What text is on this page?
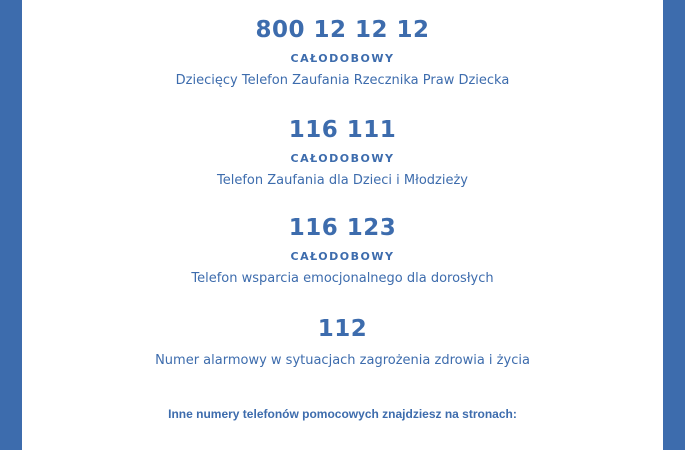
800 12 12 12
CAŁODOBOWY
Dziecięcy Telefon Zaufania Rzecznika Praw Dziecka
116 111
CAŁODOBOWY
Telefon Zaufania dla Dzieci i Młodzieży
116 123
CAŁODOBOWY
Telefon wsparcia emocjonalnego dla dorosłych
112
Numer alarmowy w sytuacjach zagrożenia zdrowia i życia
Inne numery telefonów pomocowych znajdziesz na stronach:
